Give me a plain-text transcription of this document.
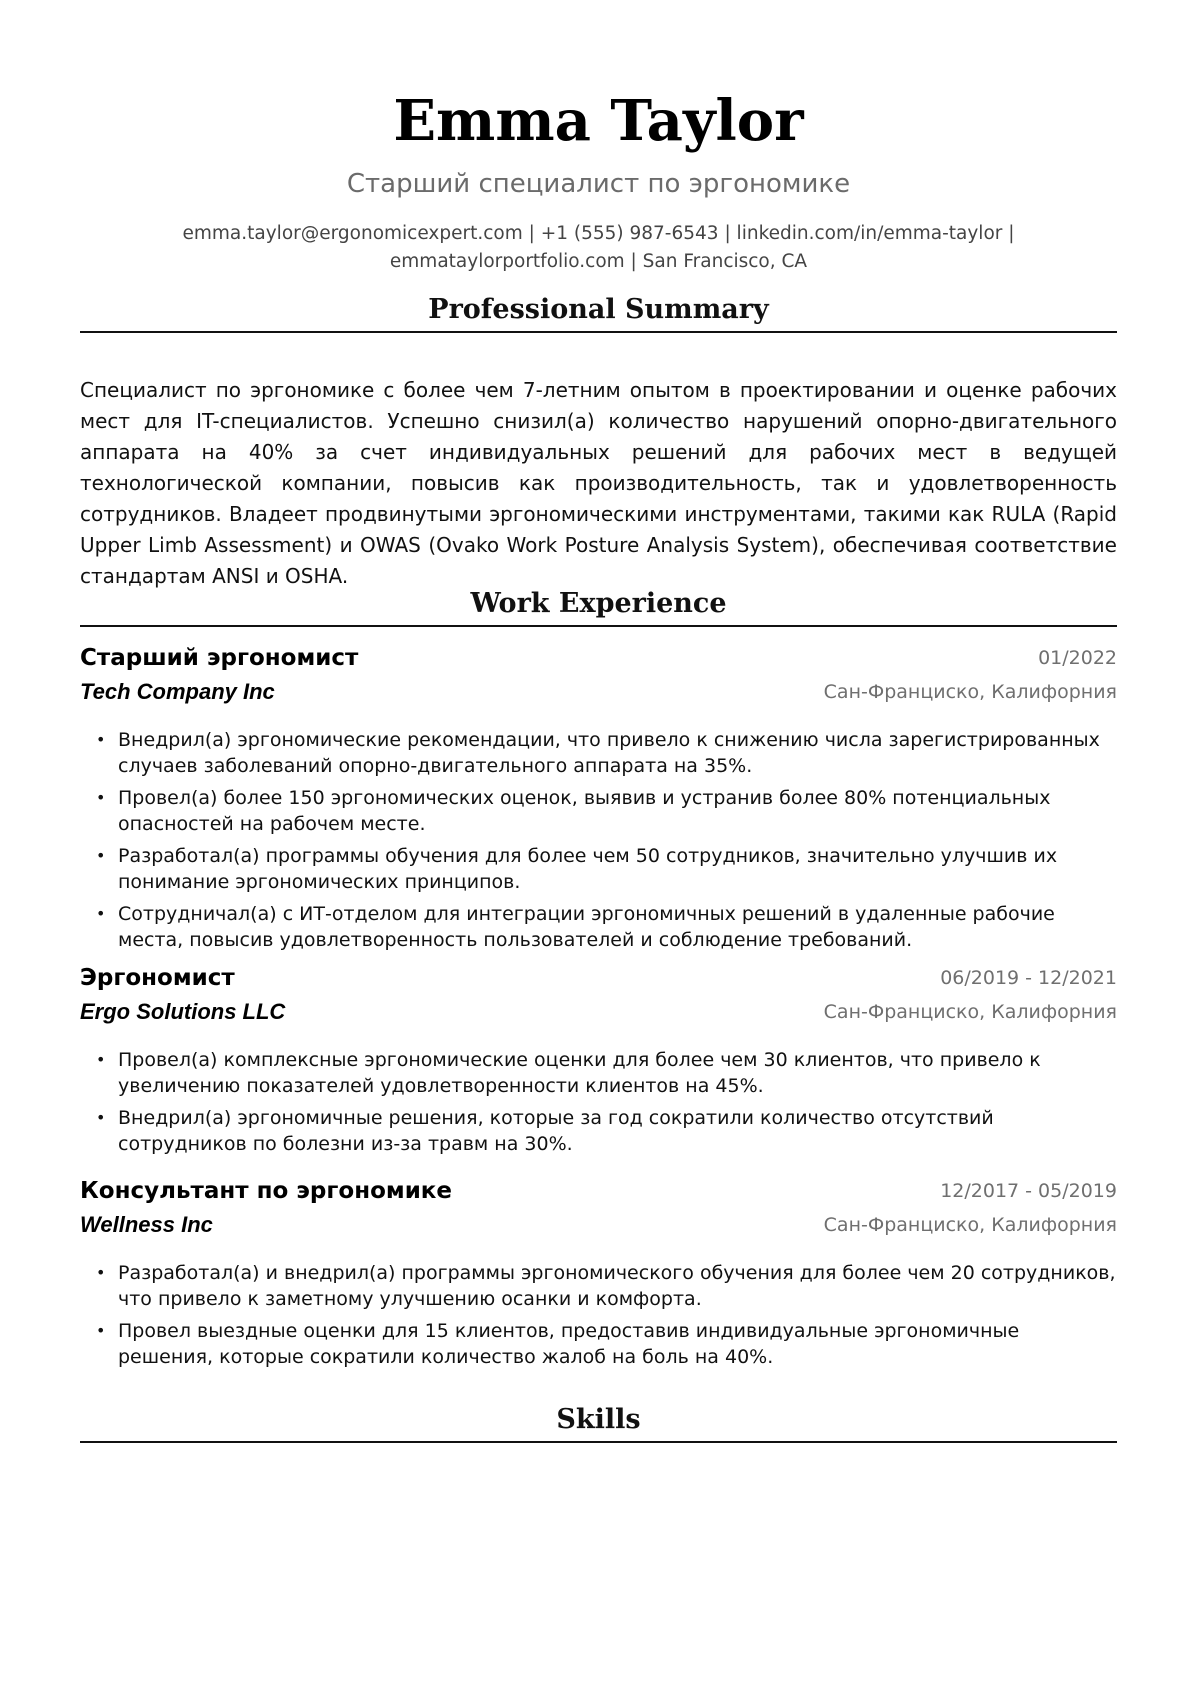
Emma Taylor
Старший специалист по эргономике
emma.taylor@ergonomicexpert.com | +1 (555) 987-6543 | linkedin.com/in/emma-taylor |
emmataylorportfolio.com | San Francisco, CA
Professional Summary
Специалист по эргономике с более чем 7-летним опытом в проектировании и оценке рабочих мест для IT-специалистов. Успешно снизил(а) количество нарушений опорно-двигательного аппарата на 40% за счет индивидуальных решений для рабочих мест в ведущей технологической компании, повысив как производительность, так и удовлетворенность сотрудников. Владеет продвинутыми эргономическими инструментами, такими как RULA (Rapid Upper Limb Assessment) и OWAS (Ovako Work Posture Analysis System), обеспечивая соответствие стандартам ANSI и OSHA.
Work Experience
Старший эргономист	01/2022
Tech Company Inc	Сан-Франциско, Калифорния
• Внедрил(а) эргономические рекомендации, что привело к снижению числа зарегистрированных случаев заболеваний опорно-двигательного аппарата на 35%.
• Провел(а) более 150 эргономических оценок, выявив и устранив более 80% потенциальных опасностей на рабочем месте.
• Разработал(а) программы обучения для более чем 50 сотрудников, значительно улучшив их понимание эргономических принципов.
• Сотрудничал(а) с ИТ-отделом для интеграции эргономичных решений в удаленные рабочие места, повысив удовлетворенность пользователей и соблюдение требований.
Эргономист	06/2019 - 12/2021
Ergo Solutions LLC	Сан-Франциско, Калифорния
• Провел(а) комплексные эргономические оценки для более чем 30 клиентов, что привело к увеличению показателей удовлетворенности клиентов на 45%.
• Внедрил(а) эргономичные решения, которые за год сократили количество отсутствий сотрудников по болезни из-за травм на 30%.
Консультант по эргономике	12/2017 - 05/2019
Wellness Inc	Сан-Франциско, Калифорния
• Разработал(а) и внедрил(а) программы эргономического обучения для более чем 20 сотрудников, что привело к заметному улучшению осанки и комфорта.
• Провел выездные оценки для 15 клиентов, предоставив индивидуальные эргономичные решения, которые сократили количество жалоб на боль на 40%.
Skills
